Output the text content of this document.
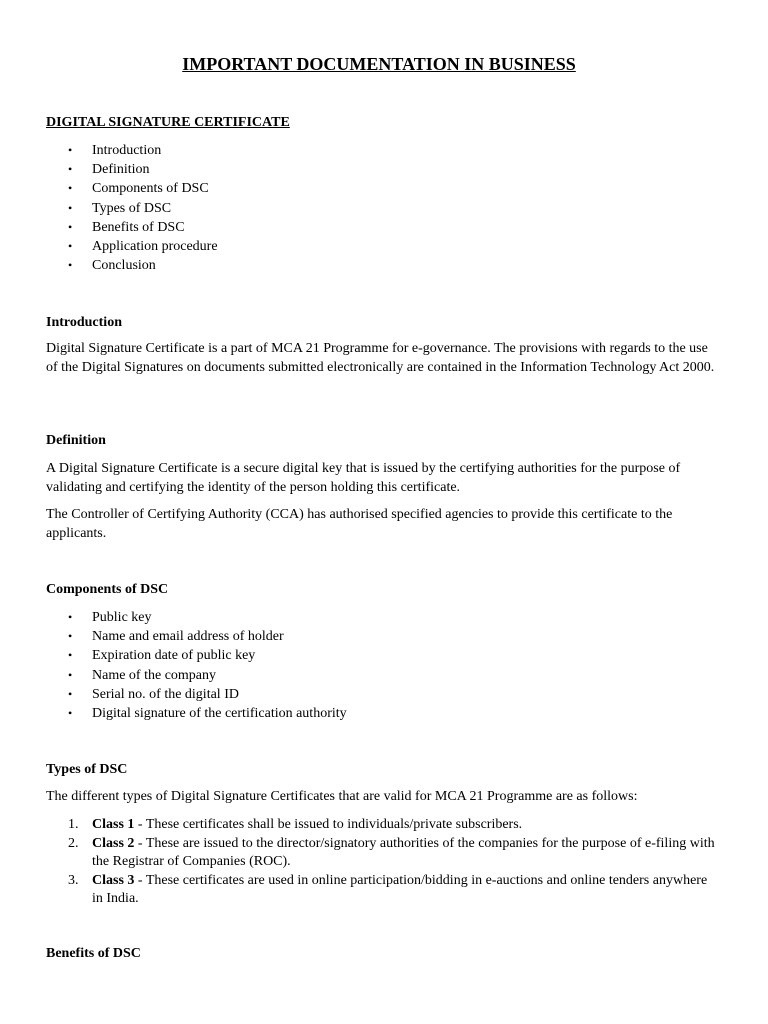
IMPORTANT DOCUMENTATION IN BUSINESS
DIGITAL SIGNATURE CERTIFICATE
• Introduction
• Definition
• Components of DSC
• Types of DSC
• Benefits of DSC
• Application procedure
• Conclusion
Introduction

Digital Signature Certificate is a part of MCA 21 Programme for e-governance. The provisions with regards to the use of the Digital Signatures on documents submitted electronically are contained in the Information Technology Act 2000.

Definition

A Digital Signature Certificate is a secure digital key that is issued by the certifying authorities for the purpose of validating and certifying the identity of the person holding this certificate.

The Controller of Certifying Authority (CCA) has authorised specified agencies to provide this certificate to the applicants.

Components of DSC
• Public key
• Name and email address of holder
• Expiration date of public key
• Name of the company
• Serial no. of the digital ID
• Digital signature of the certification authority
Types of DSC

The different types of Digital Signature Certificates that are valid for MCA 21 Programme are as follows:

1. Class 1 - These certificates shall be issued to individuals/private subscribers.
2. Class 2 - These are issued to the director/signatory authorities of the companies for the purpose of e-filing with the Registrar of Companies (ROC).
3. Class 3 - These certificates are used in online participation/bidding in e-auctions and online tenders anywhere in India.
Benefits of DSC
